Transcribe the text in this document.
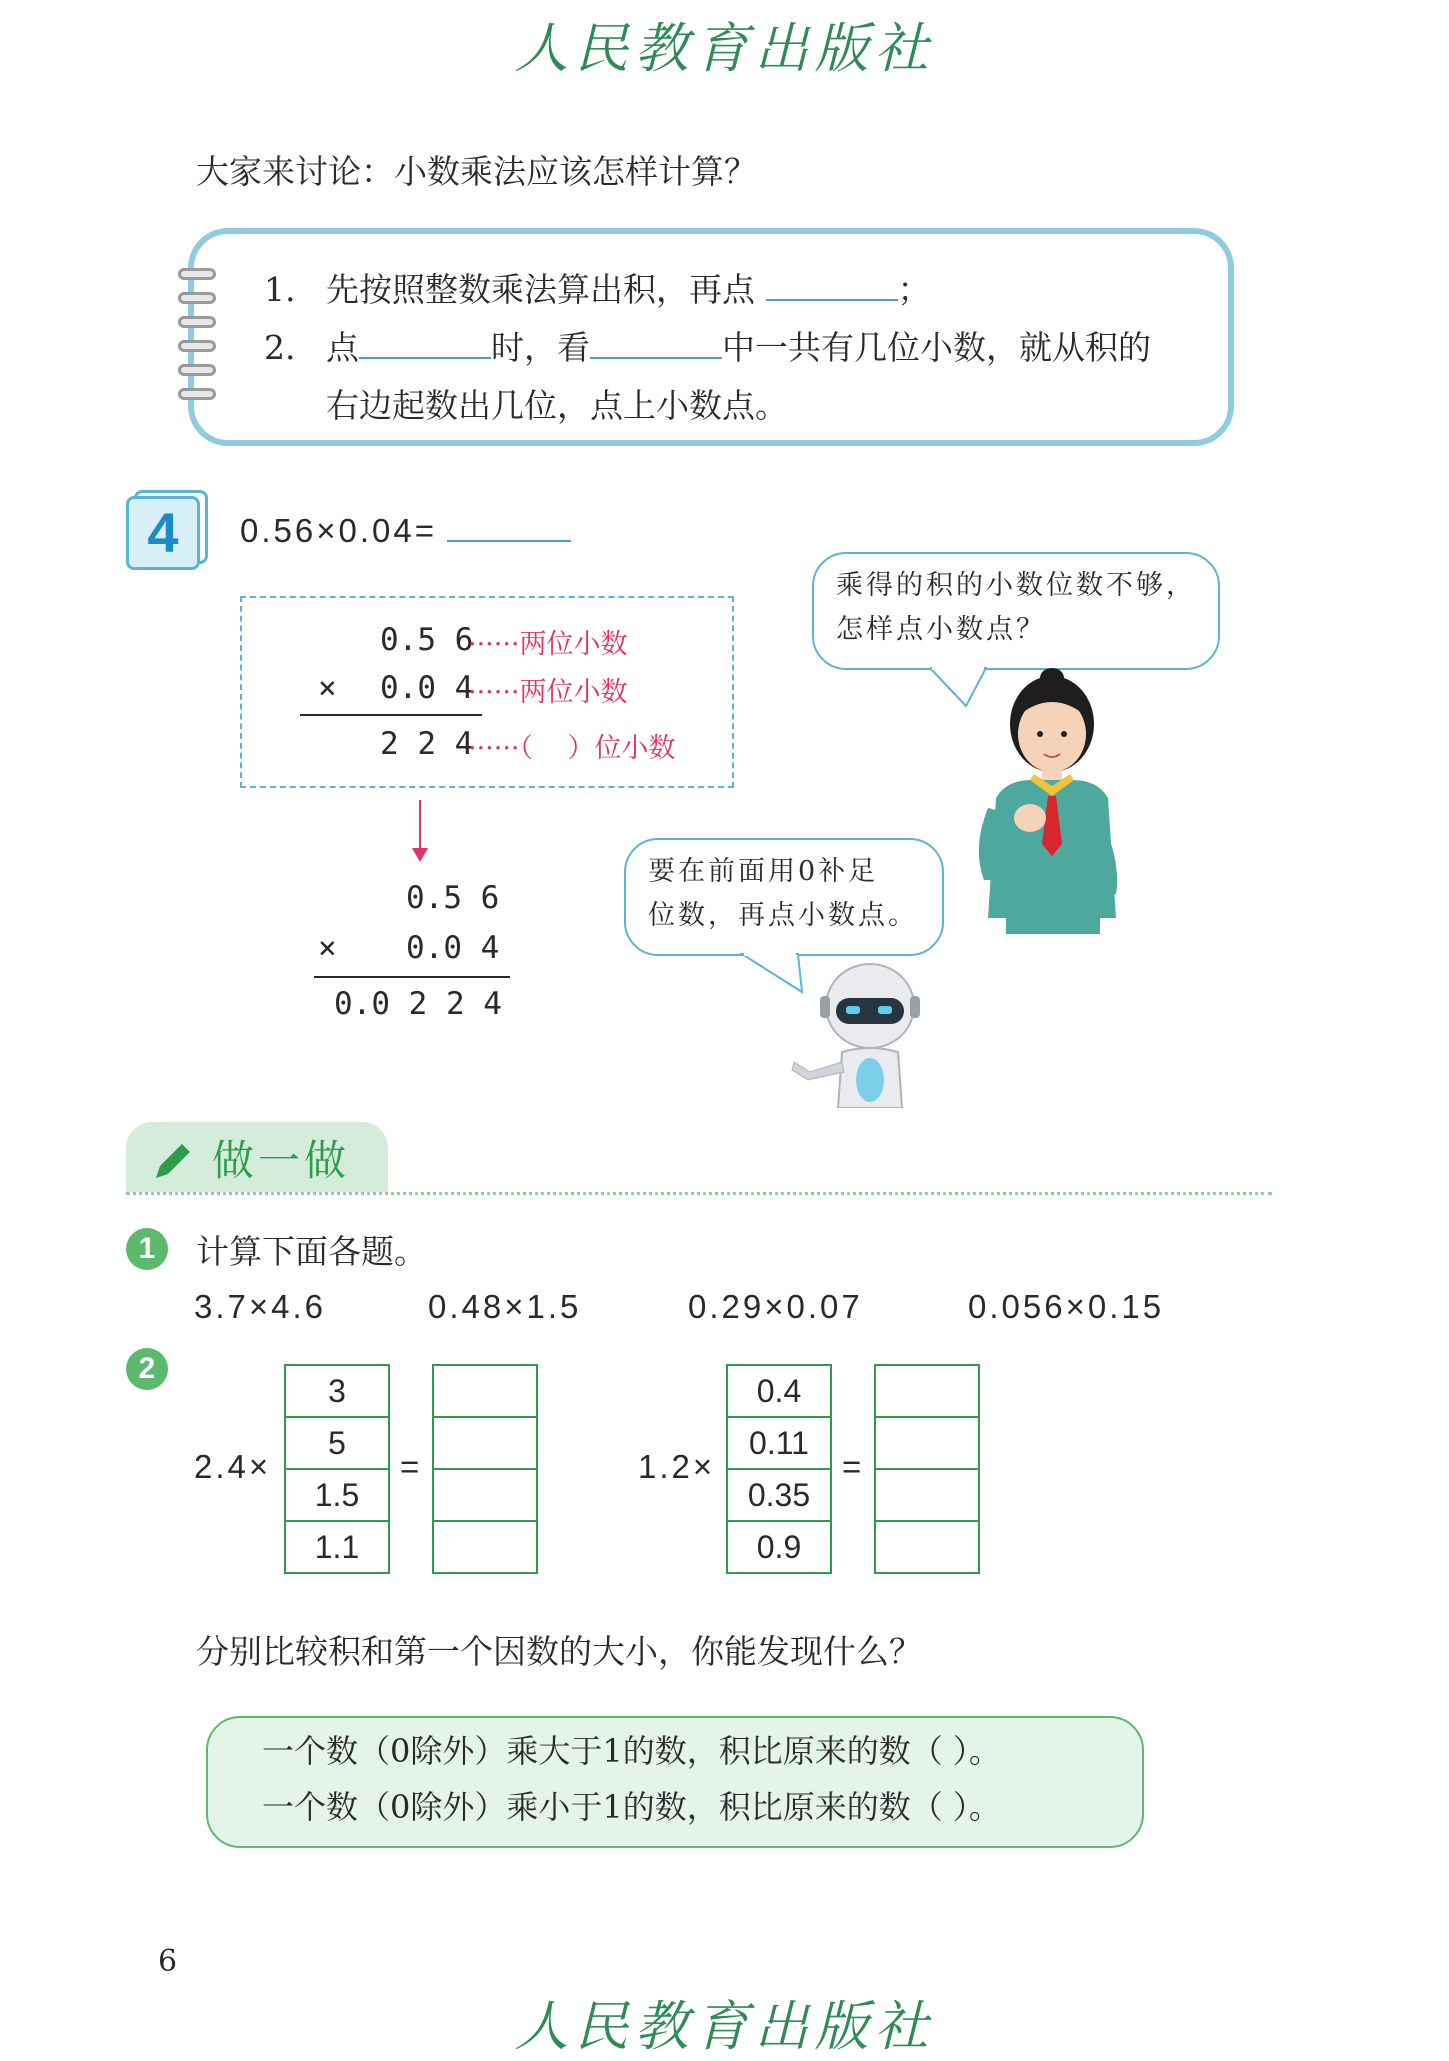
人民教育出版社
大家来讨论：小数乘法应该怎样计算？
1. 先按照整数乘法算出积，再点	；
2. 点	时，看	中一共有几位小数，就从积的
右边起数出几位，点上小数点。
4	0.56×0.04=
0.5 6
······两位小数
× 0.0 4
······两位小数
2 2 4
······（    ）位小数
0.5 6
× 0.0 4
0.0 2 2 4
乘得的积的小数位数不够，
怎样点小数点？
要在前面用0补足
位数，再点小数点。
做一做
1	计算下面各题。
3.7×4.6	0.48×1.5	0.29×0.07	0.056×0.15
2
2.4×
3
5
1.5
1.1
=	1.2×
0.4
0.11
0.35
0.9
=
分别比较积和第一个因数的大小，你能发现什么？
一个数（0除外）乘大于1的数，积比原来的数（ ）。
一个数（0除外）乘小于1的数，积比原来的数（ ）。
6
人民教育出版社
